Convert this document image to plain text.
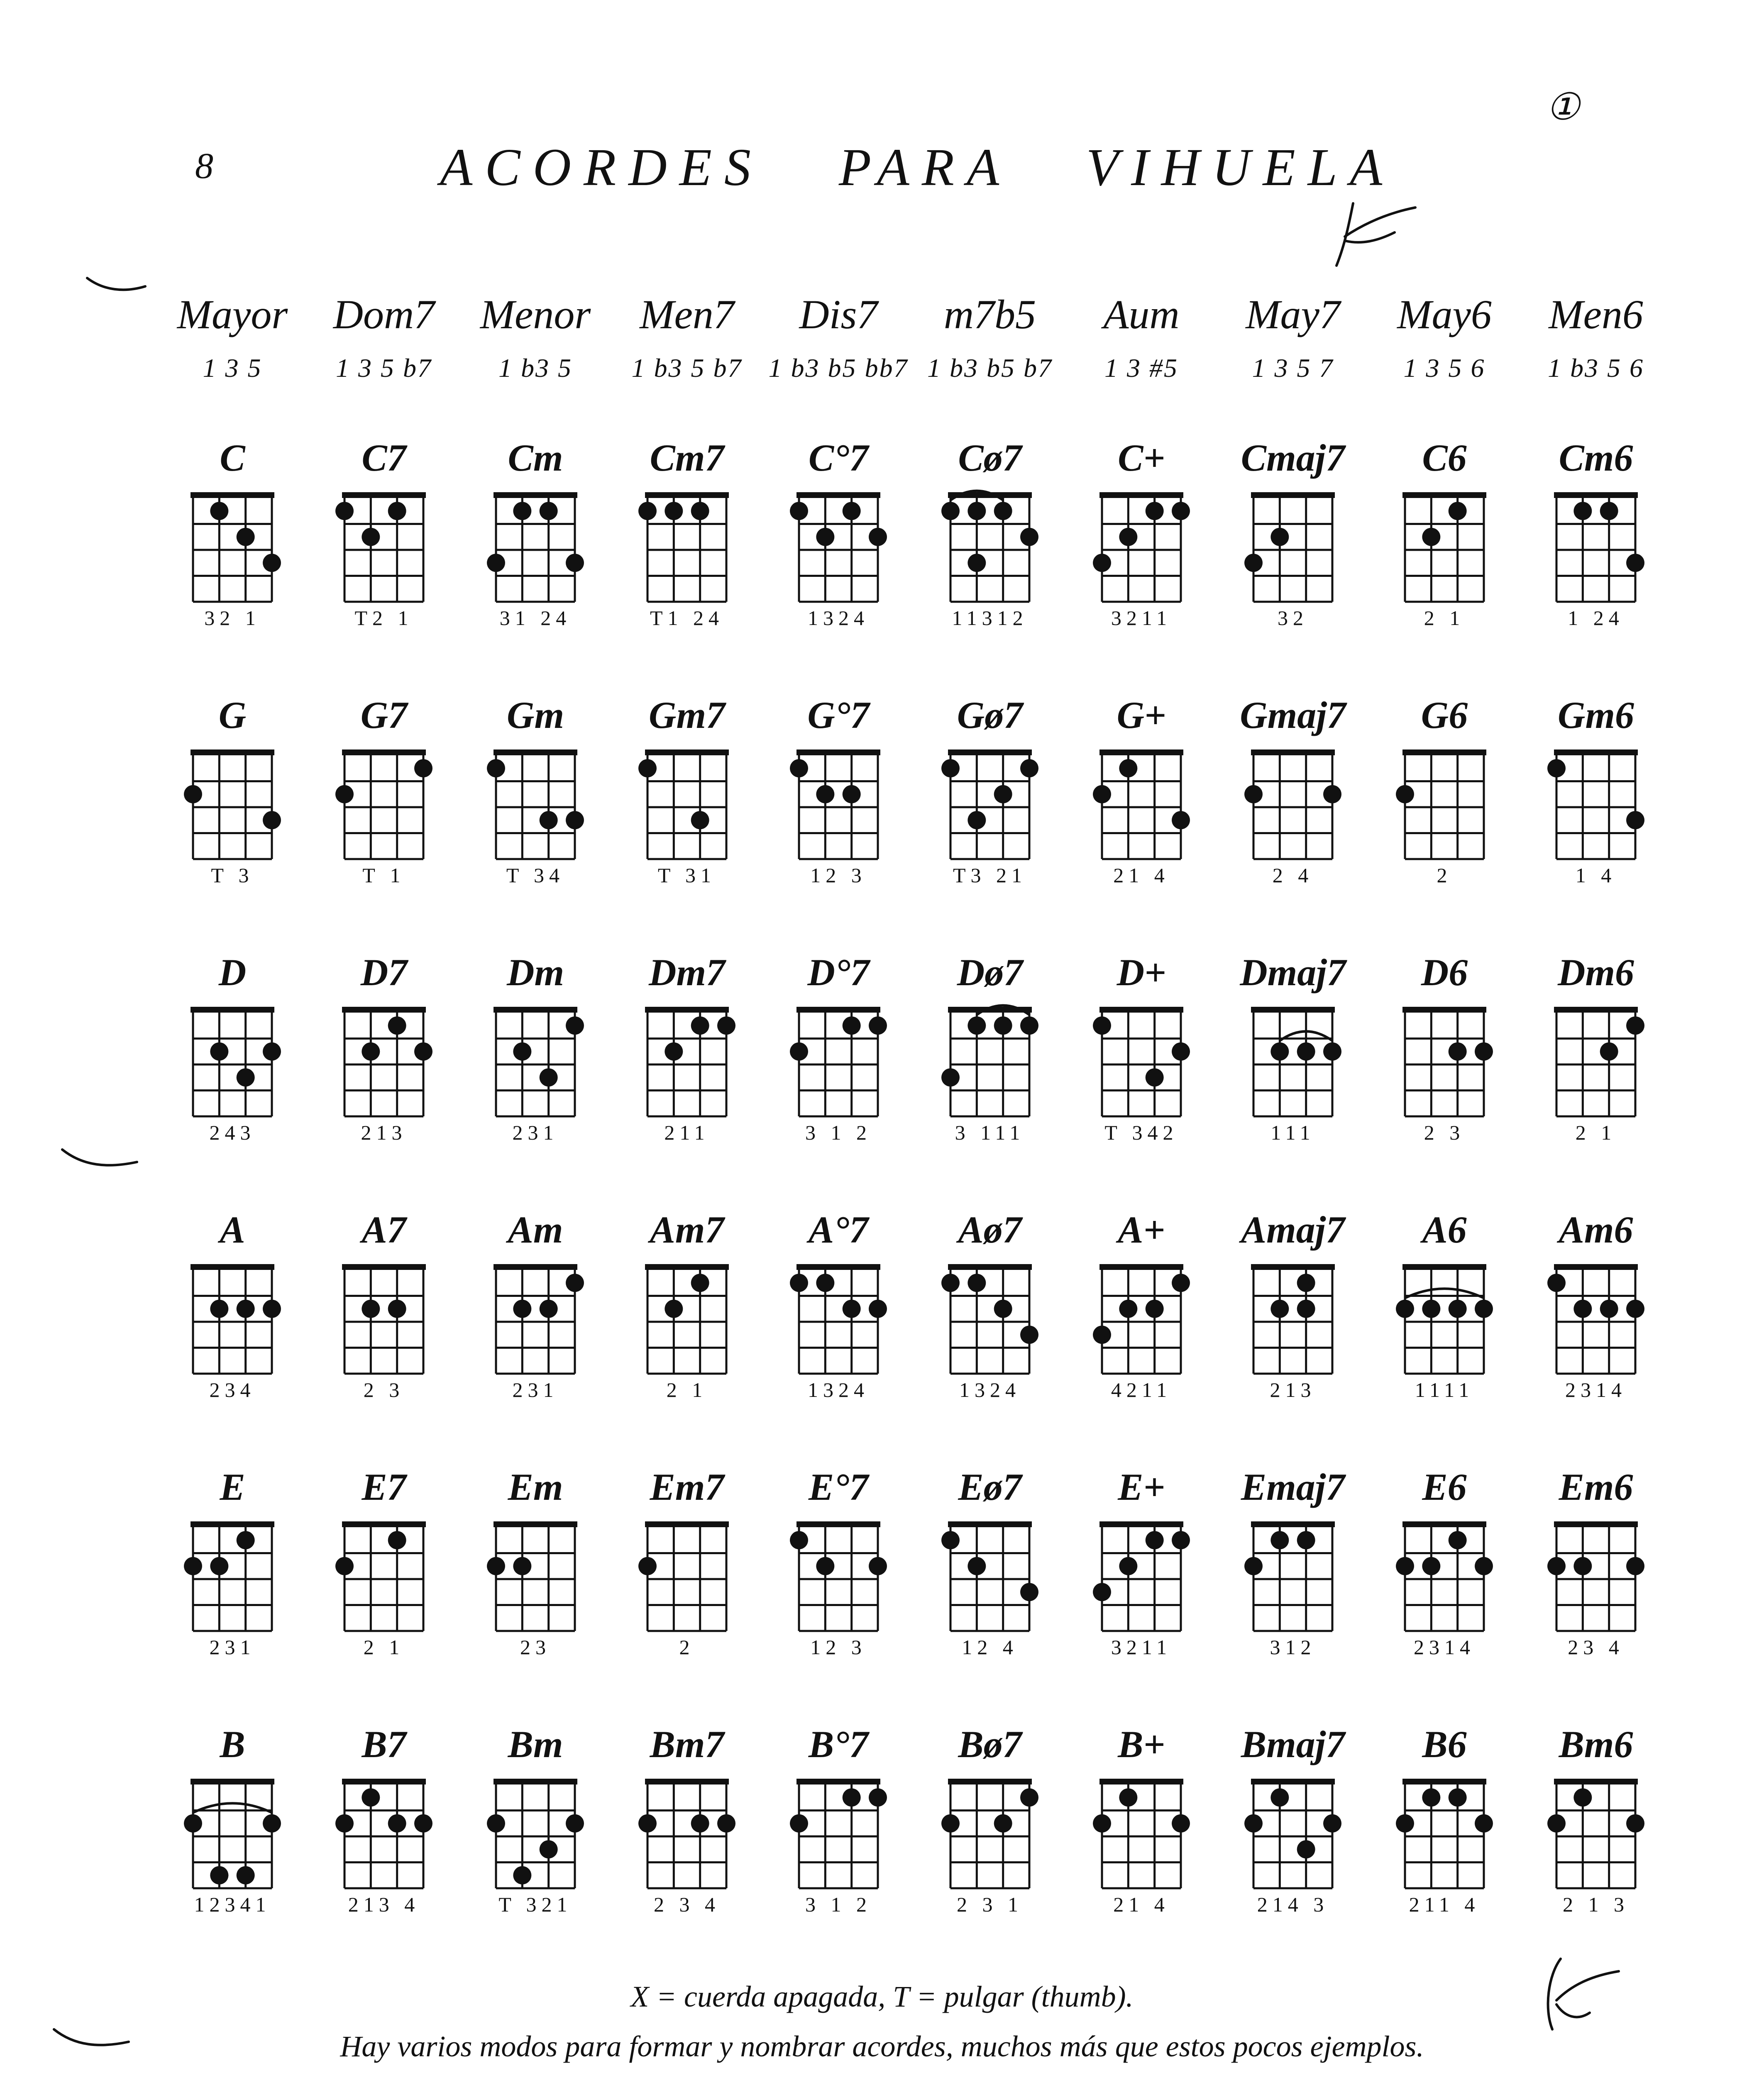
8	ACORDES PARA VIHUELA
①
Mayor
1 3 5
Dom7
1 3 5 b7
Menor
1 b3 5
Men7
1 b3 5 b7
Dis7
1 b3 b5 bb7
m7b5
1 b3 b5 b7
Aum
1 3 #5
May7
1 3 5 7
May6
1 3 5 6
Men6
1 b3 5 6
C
32 1
C7
T2 1
Cm
31 24
Cm7
T1 24
C°7
1324
Cø7
11312
C+
3211
Cmaj7
32
C6
2 1
Cm6
1 24
G
T 3
G7
T 1
Gm
T 34
Gm7
T 31
G°7
12 3
Gø7
T3 21
G+
21 4
Gmaj7
2 4
G6
2
Gm6
1 4
D
243
D7
213
Dm
231
Dm7
211
D°7
3 1 2
Dø7
3 111
D+
T 342
Dmaj7
111
D6
2 3
Dm6
2 1
A
234
A7
2 3
Am
231
Am7
2 1
A°7
1324
Aø7
1324
A+
4211
Amaj7
213
A6
1111
Am6
2314
E
231
E7
2 1
Em
23
Em7
2
E°7
12 3
Eø7
12 4
E+
3211
Emaj7
312
E6
2314
Em6
23 4
B
12341
B7
213 4
Bm
T 321
Bm7
2 3 4
B°7
3 1 2
Bø7
2 3 1
B+
21 4
Bmaj7
214 3
B6
211 4
Bm6
2 1 3
X = cuerda apagada, T = pulgar (thumb).
Hay varios modos para formar y nombrar acordes, muchos más que estos pocos ejemplos.
